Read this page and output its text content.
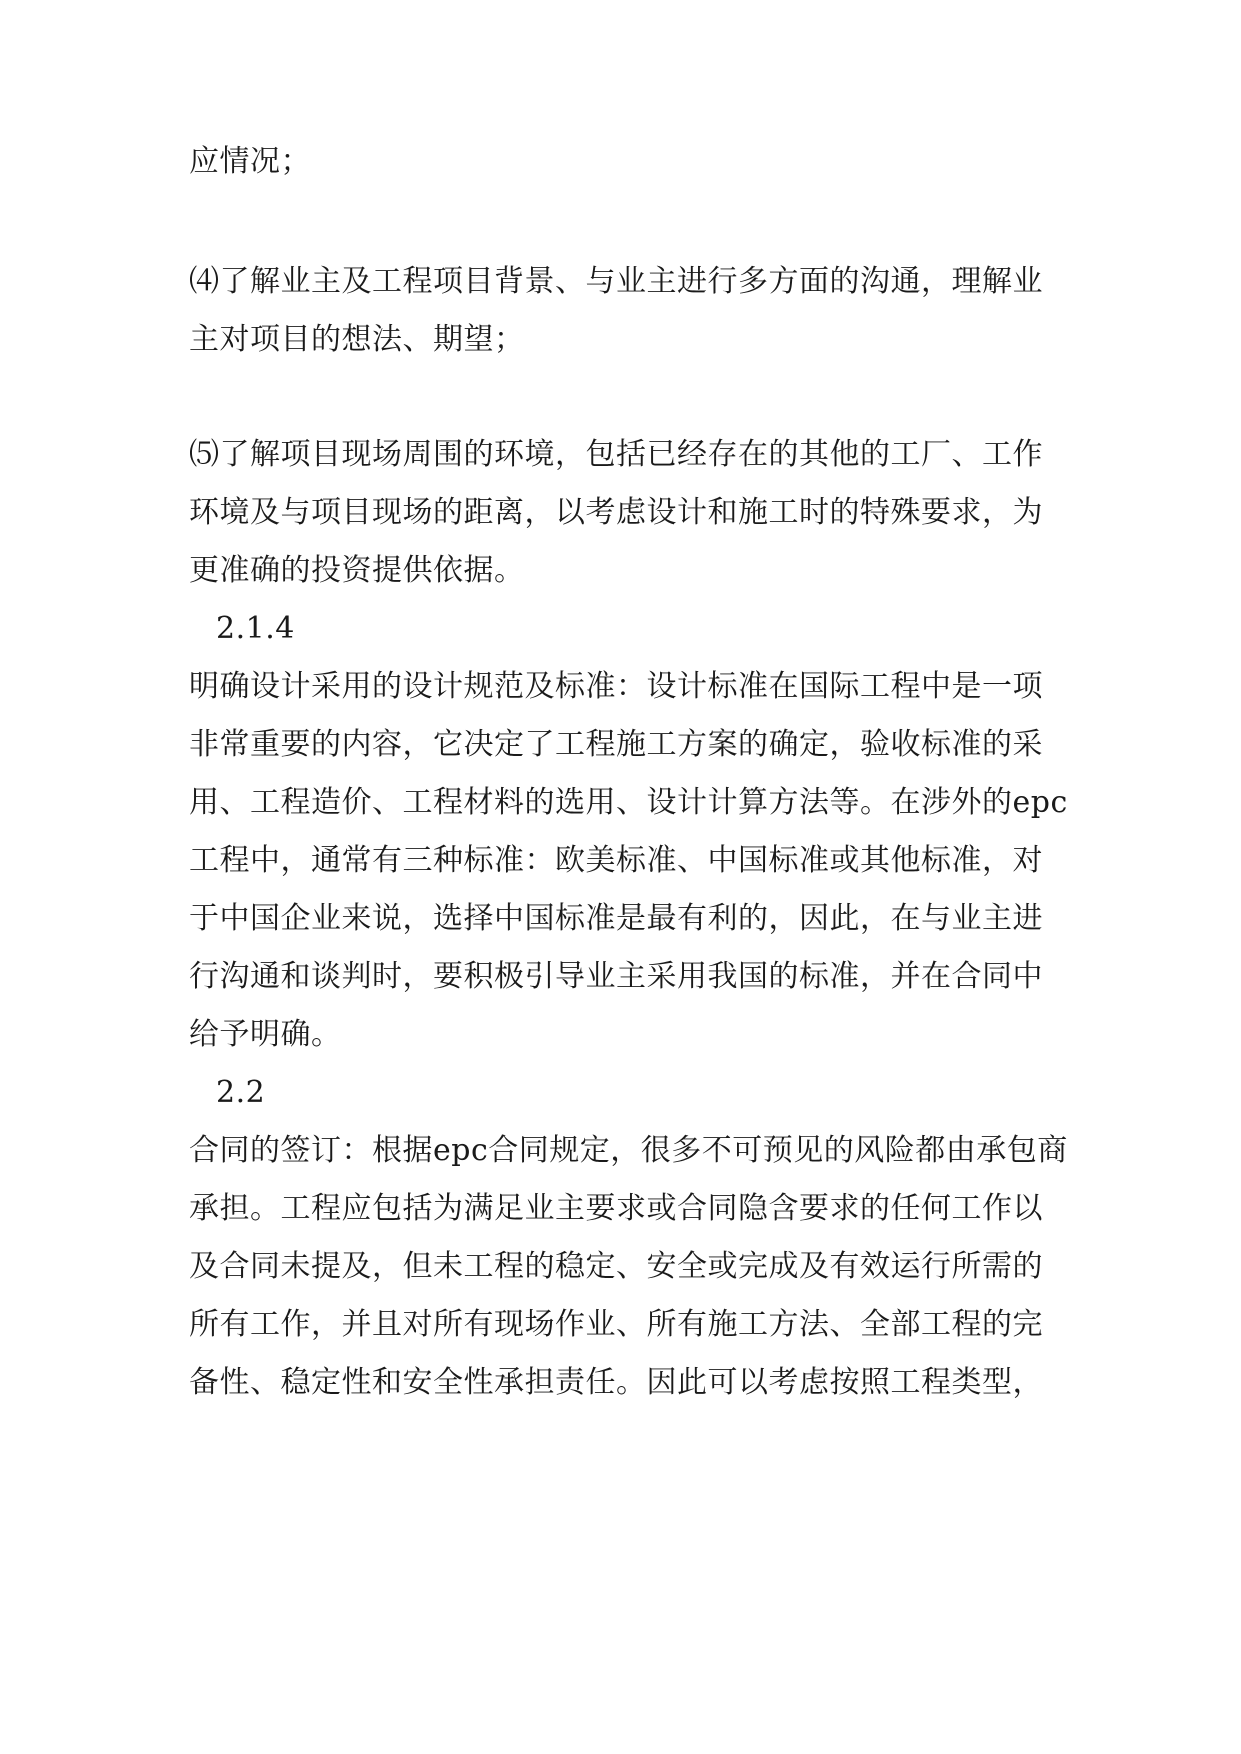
应情况；

⑷了解业主及工程项目背景、与业主进行多方面的沟通，理解业

主对项目的想法、期望；

⑸了解项目现场周围的环境，包括已经存在的其他的工厂、工作

环境及与项目现场的距离，以考虑设计和施工时的特殊要求，为

更准确的投资提供依据。

2.1.4

明确设计采用的设计规范及标准：设计标准在国际工程中是一项

非常重要的内容，它决定了工程施工方案的确定，验收标准的采

用、工程造价、工程材料的选用、设计计算方法等。在涉外的epc

工程中，通常有三种标准：欧美标准、中国标准或其他标准，对

于中国企业来说，选择中国标准是最有利的，因此，在与业主进

行沟通和谈判时，要积极引导业主采用我国的标准，并在合同中

给予明确。

2.2

合同的签订：根据epc合同规定，很多不可预见的风险都由承包商

承担。工程应包括为满足业主要求或合同隐含要求的任何工作以

及合同未提及，但未工程的稳定、安全或完成及有效运行所需的

所有工作，并且对所有现场作业、所有施工方法、全部工程的完

备性、稳定性和安全性承担责任。因此可以考虑按照工程类型，
